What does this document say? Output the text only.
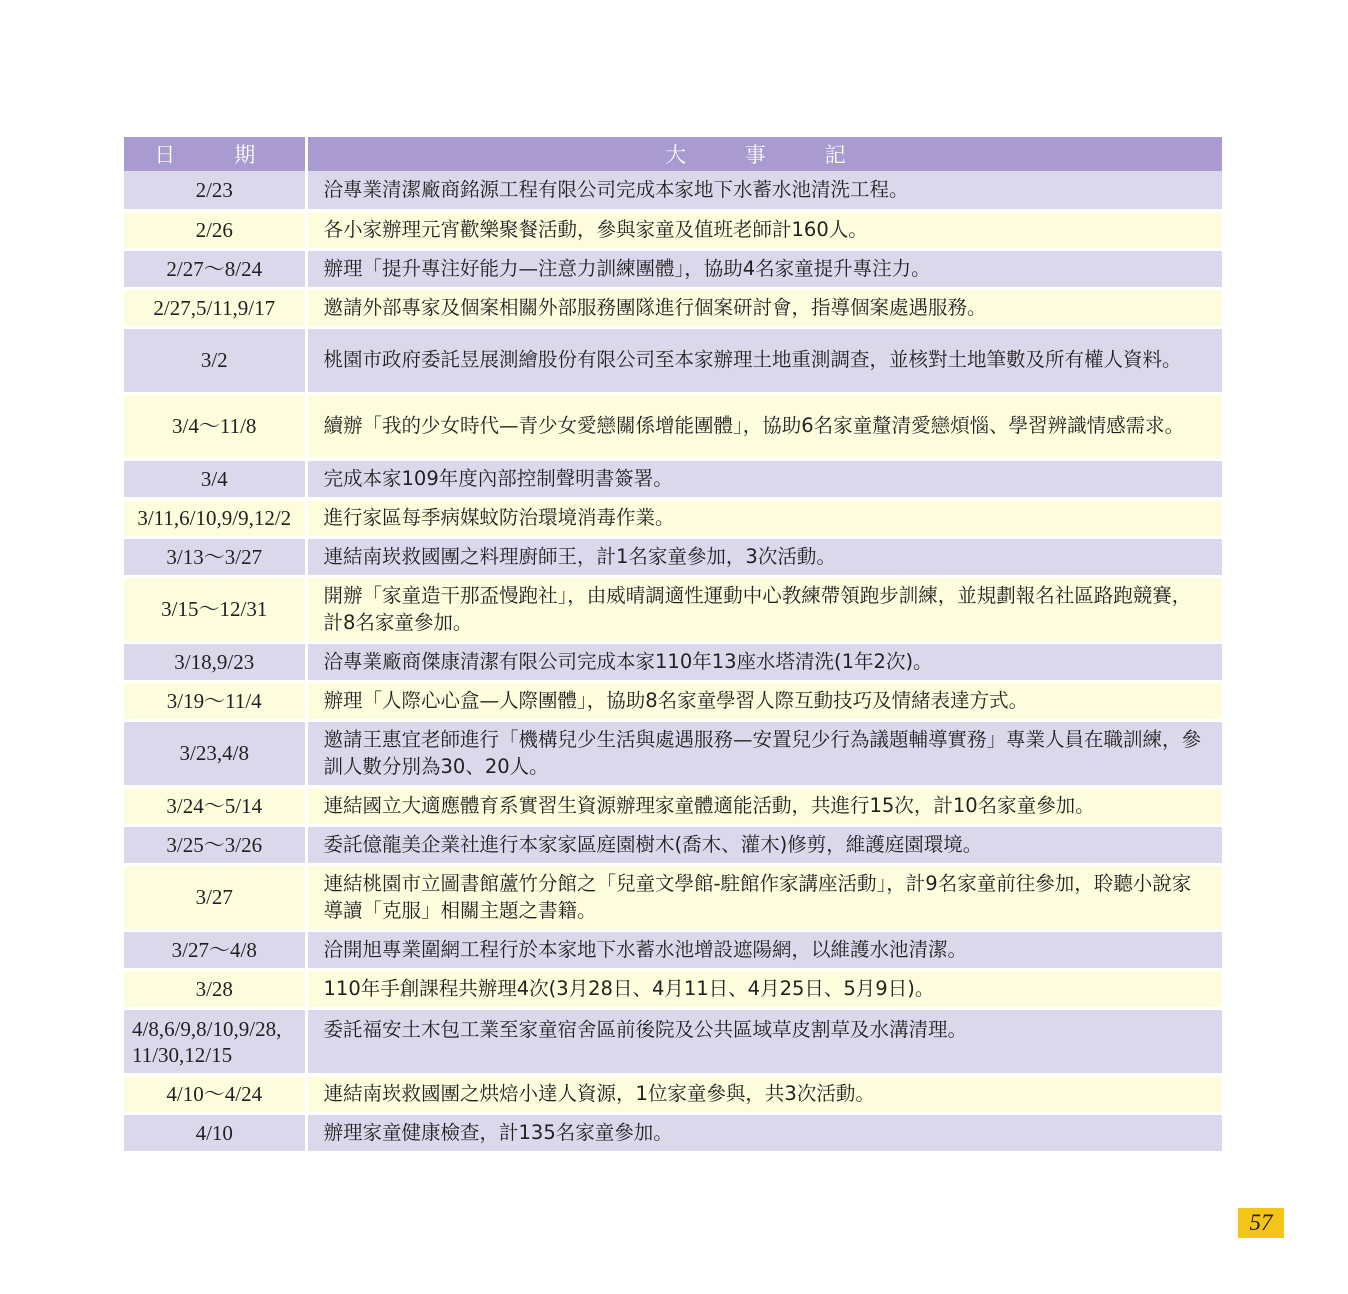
日　期	大　事　記
2/23	洽專業清潔廠商銘源工程有限公司完成本家地下水蓄水池清洗工程。
2/26	各小家辦理元宵歡樂聚餐活動，參與家童及值班老師計160人。
2/27～8/24	辦理「提升專注好能力—注意力訓練團體」，協助4名家童提升專注力。
2/27,5/11,9/17	邀請外部專家及個案相關外部服務團隊進行個案研討會，指導個案處遇服務。
3/2	桃園市政府委託昱展測繪股份有限公司至本家辦理土地重測調查，並核對土地筆數及所有權人資料。
3/4～11/8	續辦「我的少女時代—青少女愛戀關係增能團體」，協助6名家童釐清愛戀煩惱、學習辨識情感需求。
3/4	完成本家109年度內部控制聲明書簽署。
3/11,6/10,9/9,12/2	進行家區每季病媒蚊防治環境消毒作業。
3/13～3/27	連結南崁救國團之料理廚師王，計1名家童參加，3次活動。
3/15～12/31	開辦「家童造干那盃慢跑社」，由威晴調適性運動中心教練帶領跑步訓練，並規劃報名社區路跑競賽，計8名家童參加。
3/18,9/23	洽專業廠商傑康清潔有限公司完成本家110年13座水塔清洗(1年2次)。
3/19～11/4	辦理「人際心心盒—人際團體」，協助8名家童學習人際互動技巧及情緒表達方式。
3/23,4/8	邀請王惠宜老師進行「機構兒少生活與處遇服務—安置兒少行為議題輔導實務」專業人員在職訓練，參訓人數分別為30、20人。
3/24～5/14	連結國立大適應體育系實習生資源辦理家童體適能活動，共進行15次，計10名家童參加。
3/25～3/26	委託億龍美企業社進行本家家區庭園樹木(喬木、灌木)修剪，維護庭園環境。
3/27	連結桃園市立圖書館蘆竹分館之「兒童文學館-駐館作家講座活動」，計9名家童前往參加，聆聽小說家導讀「克服」相關主題之書籍。
3/27～4/8	洽開旭專業圍網工程行於本家地下水蓄水池增設遮陽網，以維護水池清潔。
3/28	110年手創課程共辦理4次(3月28日、4月11日、4月25日、5月9日)。
4/8,6/9,8/10,9/28,
11/30,12/15	委託福安土木包工業至家童宿舍區前後院及公共區域草皮割草及水溝清理。
4/10～4/24	連結南崁救國團之烘焙小達人資源，1位家童參與，共3次活動。
4/10	辦理家童健康檢查，計135名家童參加。
57
